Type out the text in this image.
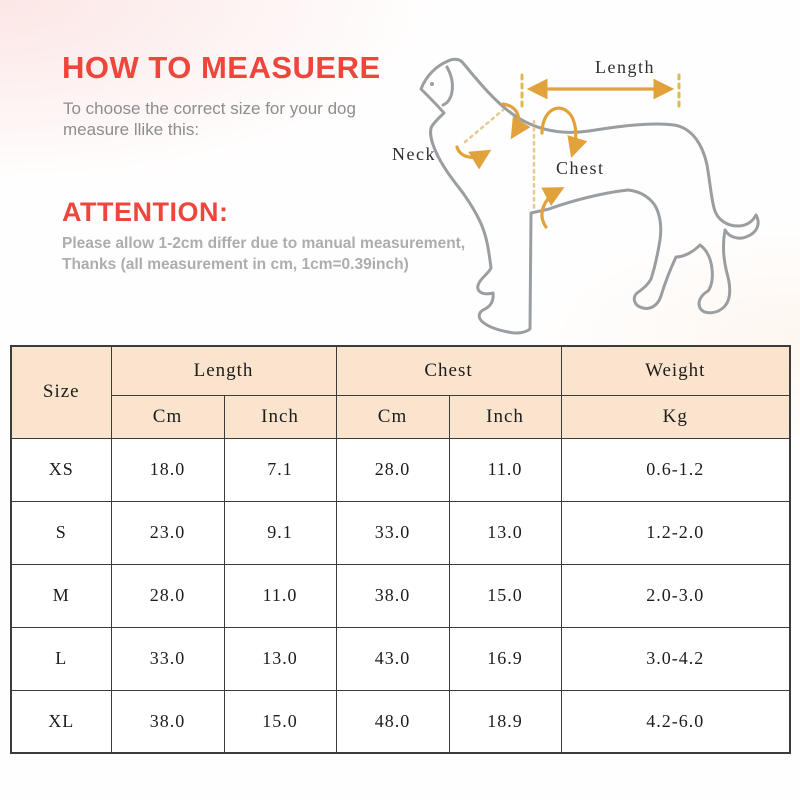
HOW TO MEASUERE
To choose the correct size for your dog
measure llike this:
ATTENTION:
Please allow 1-2cm differ due to manual measurement,
Thanks (all measurement in cm, 1cm=0.39inch)
Length
Neck
Chest
Size	Length		Chest		Weight
	Cm	Inch	Cm	Inch	Kg
XS	18.0	7.1	28.0	11.0	0.6-1.2
S	23.0	9.1	33.0	13.0	1.2-2.0
M	28.0	11.0	38.0	15.0	2.0-3.0
L	33.0	13.0	43.0	16.9	3.0-4.2
XL	38.0	15.0	48.0	18.9	4.2-6.0
